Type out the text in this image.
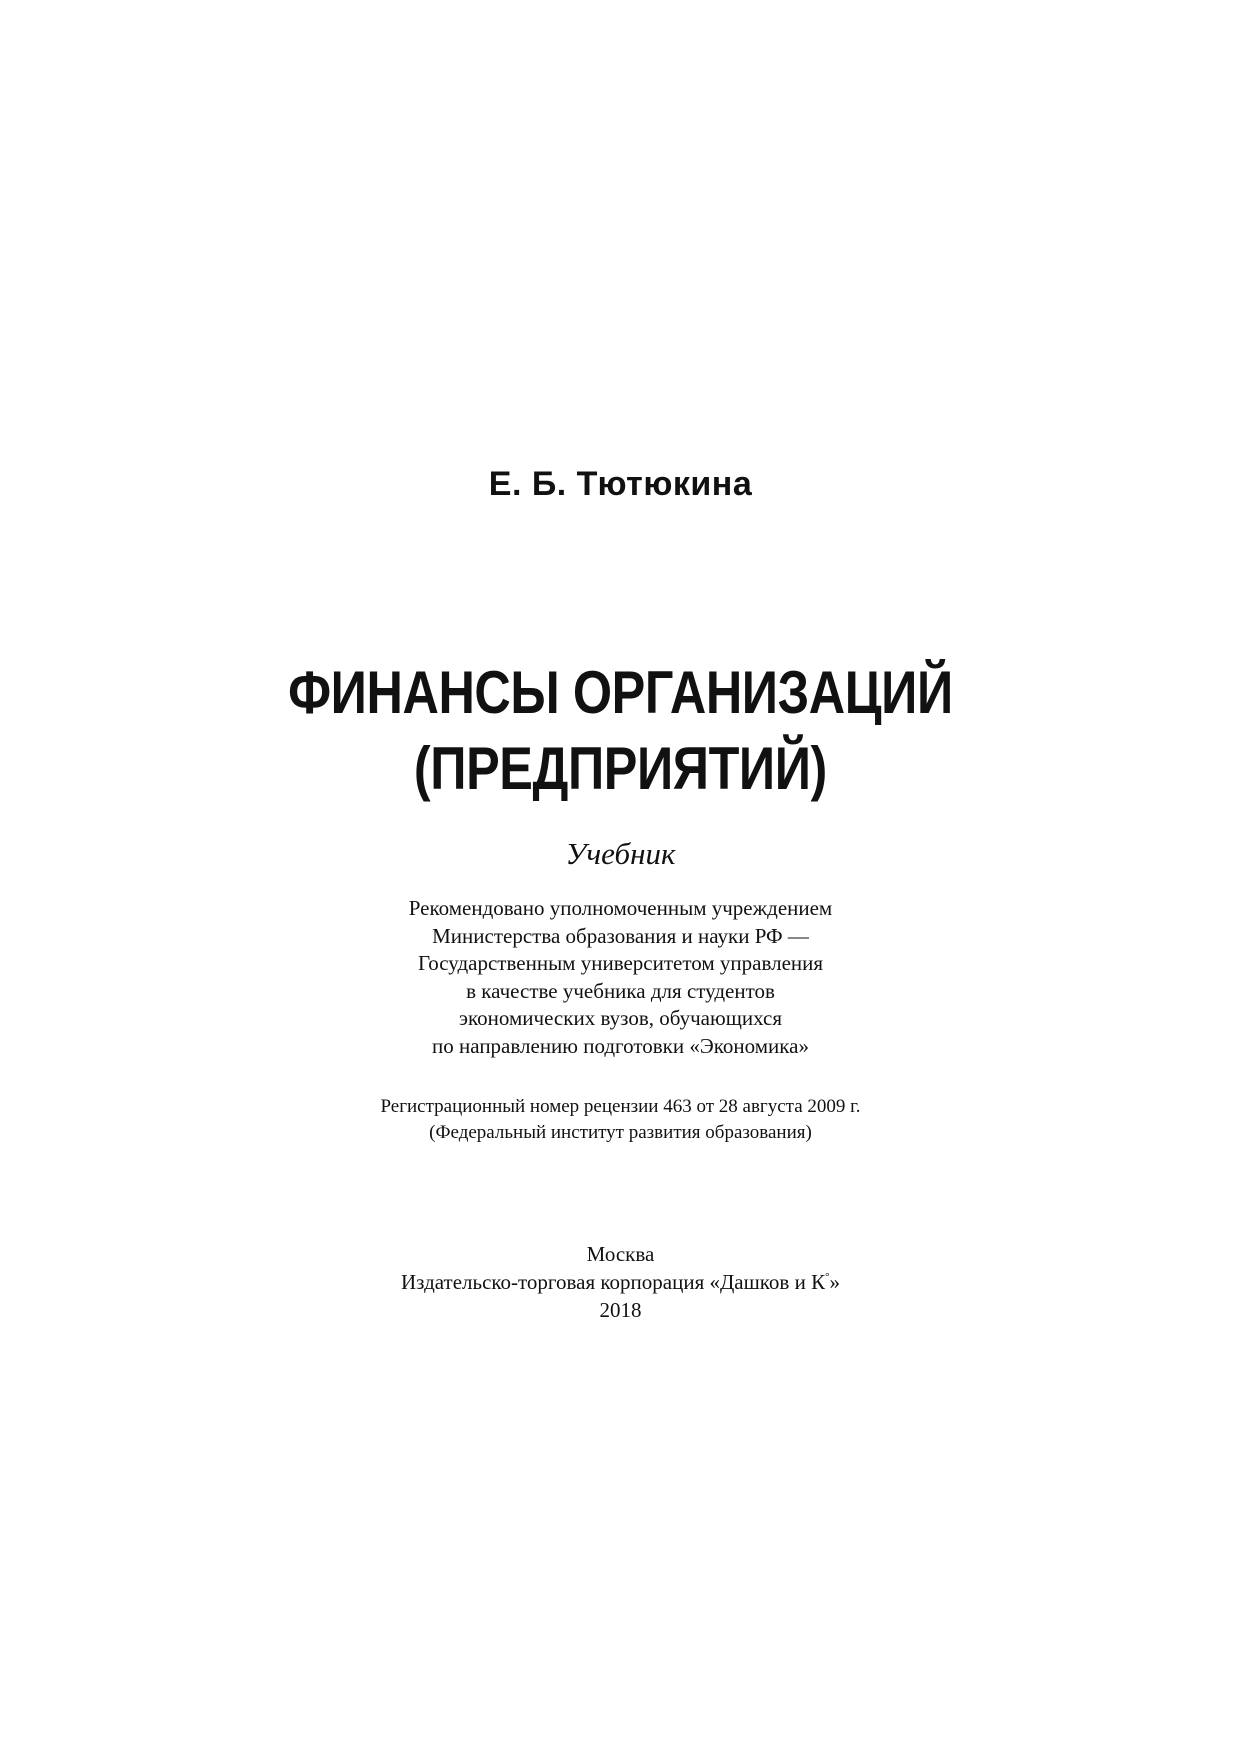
Е. Б. Тютюкина
ФИНАНСЫ ОРГАНИЗАЦИЙ
(ПРЕДПРИЯТИЙ)
Учебник
Рекомендовано уполномоченным учреждением
Министерства образования и науки РФ —
Государственным университетом управления
в качестве учебника для студентов
экономических вузов, обучающихся
по направлению подготовки «Экономика»
Регистрационный номер рецензии 463 от 28 августа 2009 г.
(Федеральный институт развития образования)
Москва
Издательско-торговая корпорация «Дашков и К°»
2018
